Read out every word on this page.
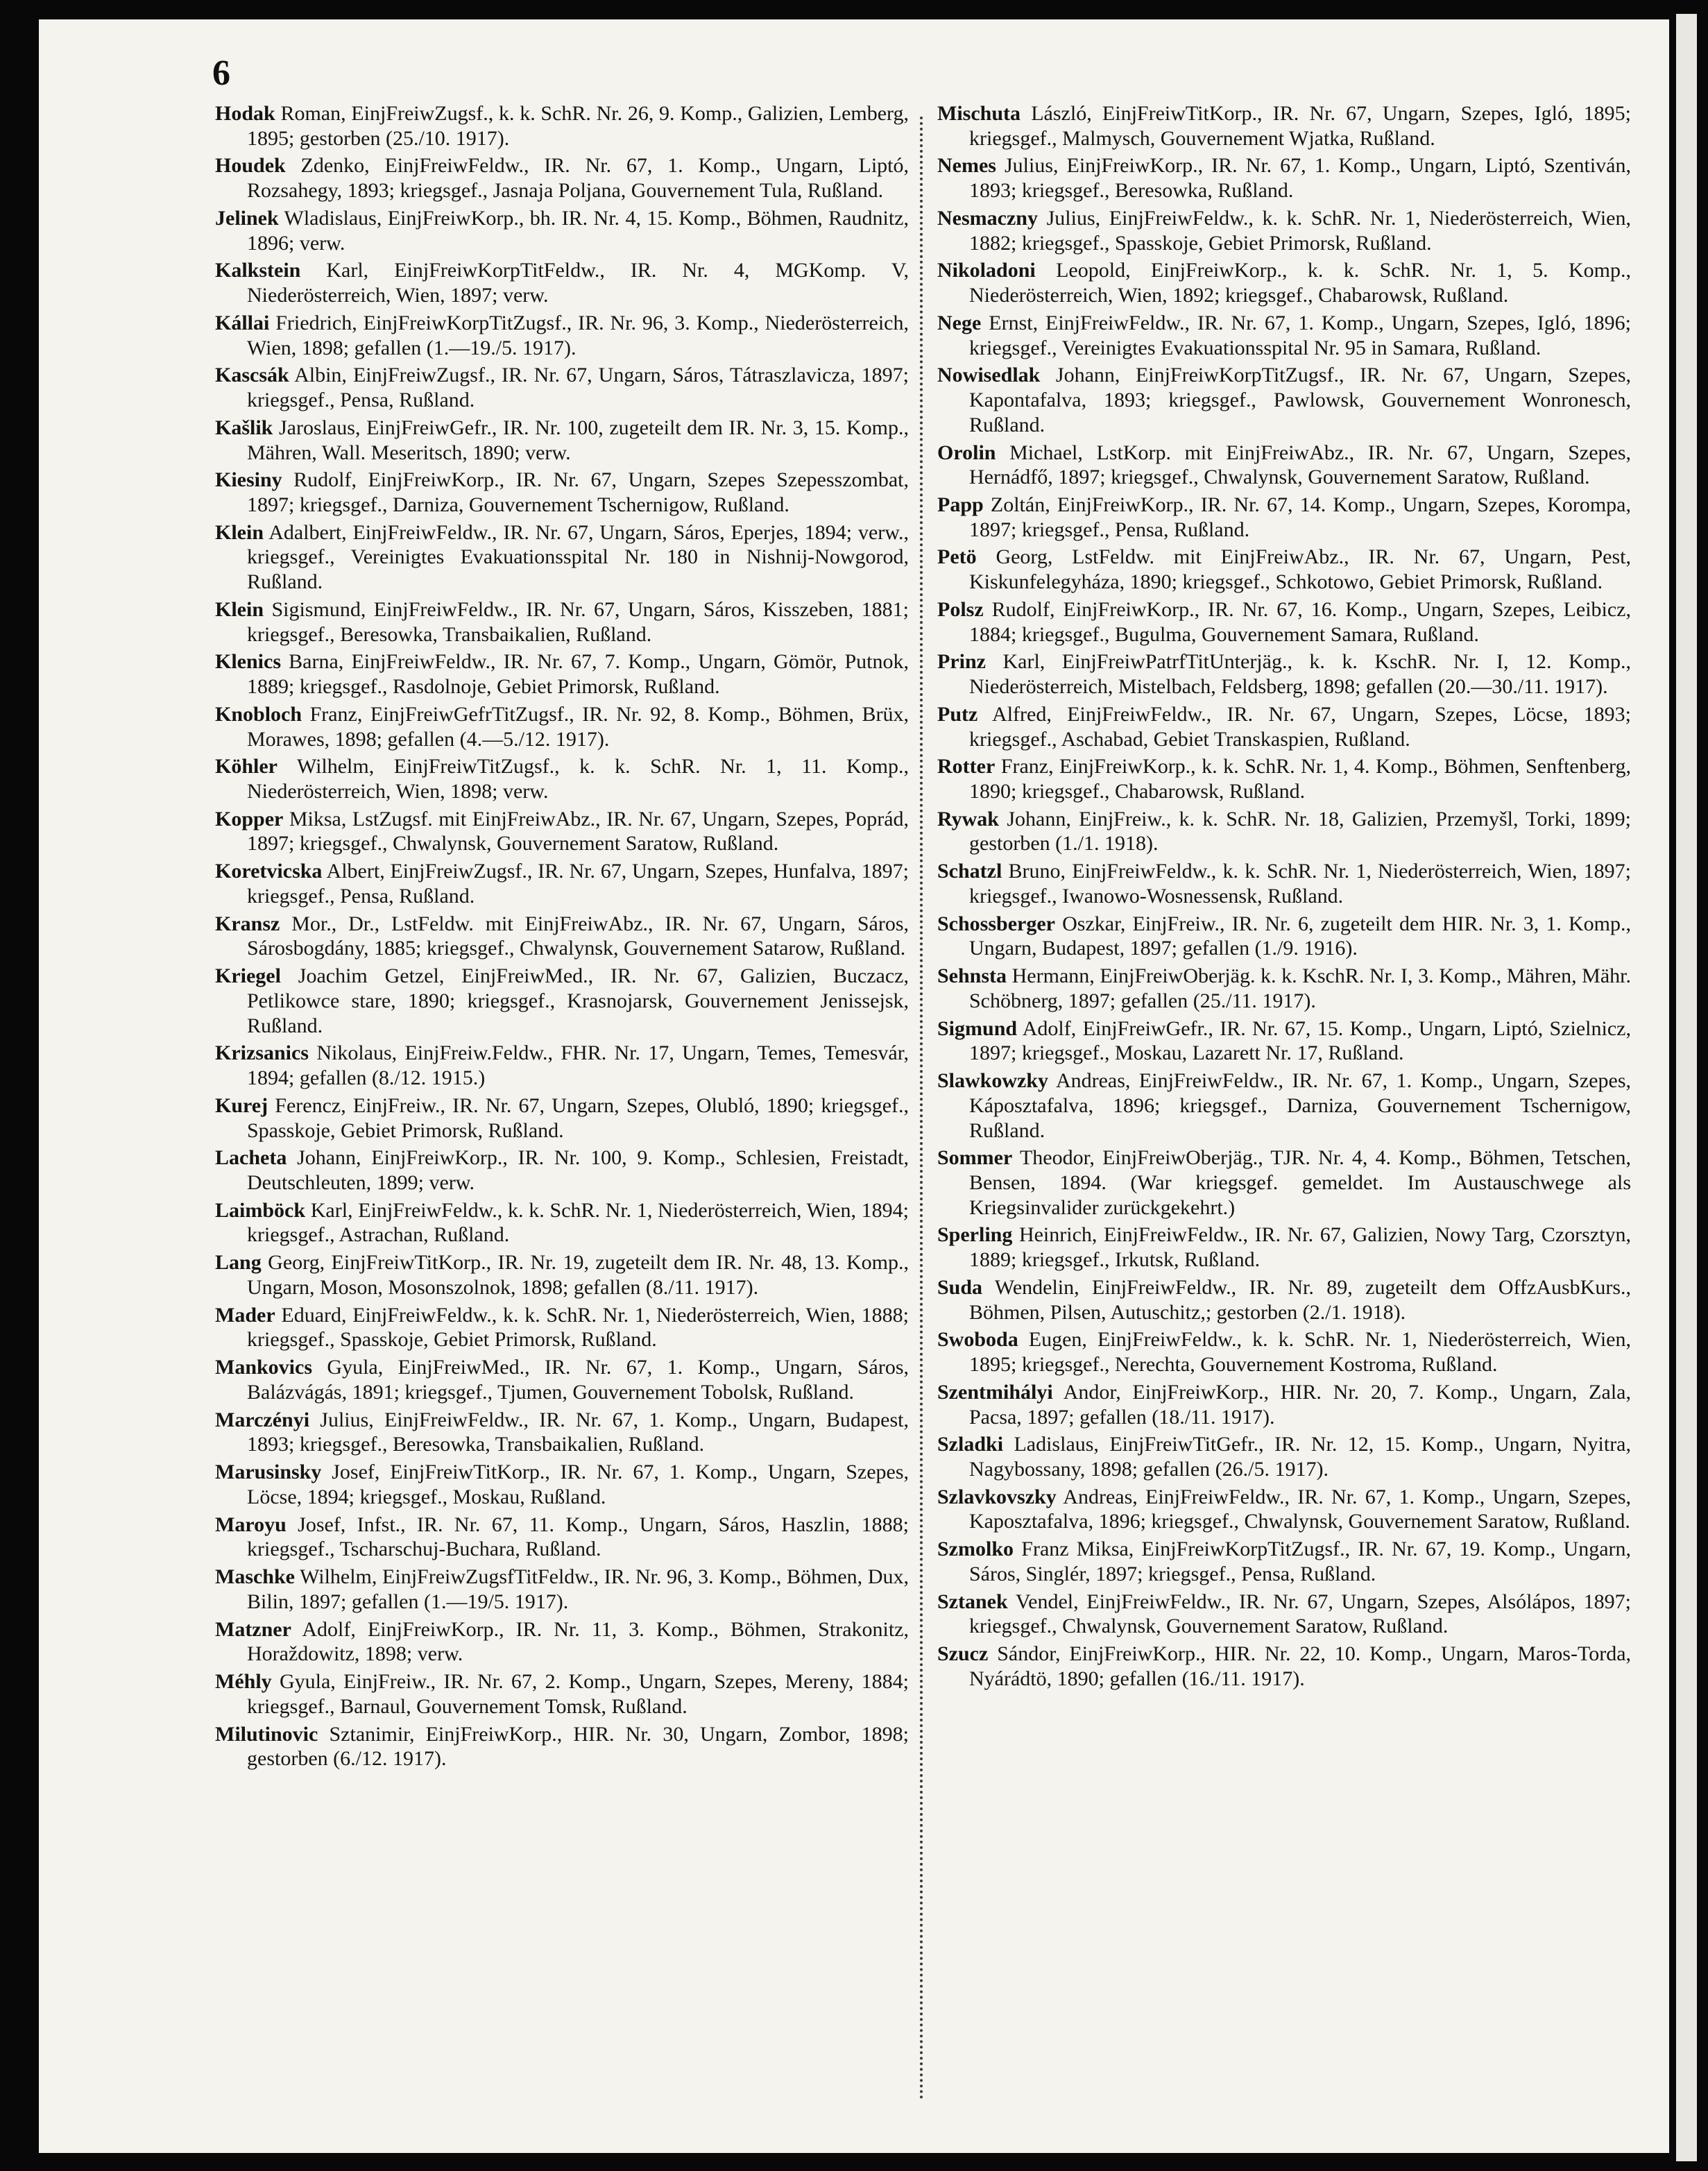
6

Hodak Roman, EinjFreiwZugsf., k. k. SchR. Nr. 26, 9. Komp., Galizien, Lemberg, 1895; gestorben (25./10. 1917).

Houdek Zdenko, EinjFreiwFeldw., IR. Nr. 67, 1. Komp., Ungarn, Liptó, Rozsahegy, 1893; kriegsgef., Jasnaja Poljana, Gouvernement Tula, Rußland.

Jelinek Wladislaus, EinjFreiwKorp., bh. IR. Nr. 4, 15. Komp., Böhmen, Raudnitz, 1896; verw.

Kalkstein Karl, EinjFreiwKorpTitFeldw., IR. Nr. 4, MGKomp. V, Niederösterreich, Wien, 1897; verw.

Kállai Friedrich, EinjFreiwKorpTitZugsf., IR. Nr. 96, 3. Komp., Niederösterreich, Wien, 1898; gefallen (1.—19./5. 1917).

Kascsák Albin, EinjFreiwZugsf., IR. Nr. 67, Ungarn, Sáros, Tátraszlavicza, 1897; kriegsgef., Pensa, Rußland.

Kašlik Jaroslaus, EinjFreiwGefr., IR. Nr. 100, zugeteilt dem IR. Nr. 3, 15. Komp., Mähren, Wall. Meseritsch, 1890; verw.

Kiesiny Rudolf, EinjFreiwKorp., IR. Nr. 67, Ungarn, Szepes Szepesszombat, 1897; kriegsgef., Darniza, Gouvernement Tschernigow, Rußland.

Klein Adalbert, EinjFreiwFeldw., IR. Nr. 67, Ungarn, Sáros, Eperjes, 1894; verw., kriegsgef., Vereinigtes Evakuationsspital Nr. 180 in Nishnij-Nowgorod, Rußland.

Klein Sigismund, EinjFreiwFeldw., IR. Nr. 67, Ungarn, Sáros, Kisszeben, 1881; kriegsgef., Beresowka, Transbaikalien, Rußland.

Klenics Barna, EinjFreiwFeldw., IR. Nr. 67, 7. Komp., Ungarn, Gömör, Putnok, 1889; kriegsgef., Rasdolnoje, Gebiet Primorsk, Rußland.

Knobloch Franz, EinjFreiwGefrTitZugsf., IR. Nr. 92, 8. Komp., Böhmen, Brüx, Morawes, 1898; gefallen (4.—5./12. 1917).

Köhler Wilhelm, EinjFreiwTitZugsf., k. k. SchR. Nr. 1, 11. Komp., Niederösterreich, Wien, 1898; verw.

Kopper Miksa, LstZugsf. mit EinjFreiwAbz., IR. Nr. 67, Ungarn, Szepes, Poprád, 1897; kriegsgef., Chwalynsk, Gouvernement Saratow, Rußland.

Koretvicska Albert, EinjFreiwZugsf., IR. Nr. 67, Ungarn, Szepes, Hunfalva, 1897; kriegsgef., Pensa, Rußland.

Kransz Mor., Dr., LstFeldw. mit EinjFreiwAbz., IR. Nr. 67, Ungarn, Sáros, Sárosbogdány, 1885; kriegsgef., Chwalynsk, Gouvernement Satarow, Rußland.

Kriegel Joachim Getzel, EinjFreiwMed., IR. Nr. 67, Galizien, Buczacz, Petlikowce stare, 1890; kriegsgef., Krasnojarsk, Gouvernement Jenissejsk, Rußland.

Krizsanics Nikolaus, EinjFreiw.Feldw., FHR. Nr. 17, Ungarn, Temes, Temesvár, 1894; gefallen (8./12. 1915.)

Kurej Ferencz, EinjFreiw., IR. Nr. 67, Ungarn, Szepes, Olubló, 1890; kriegsgef., Spasskoje, Gebiet Primorsk, Rußland.

Lacheta Johann, EinjFreiwKorp., IR. Nr. 100, 9. Komp., Schlesien, Freistadt, Deutschleuten, 1899; verw.

Laimböck Karl, EinjFreiwFeldw., k. k. SchR. Nr. 1, Niederösterreich, Wien, 1894; kriegsgef., Astrachan, Rußland.

Lang Georg, EinjFreiwTitKorp., IR. Nr. 19, zugeteilt dem IR. Nr. 48, 13. Komp., Ungarn, Moson, Mosonszolnok, 1898; gefallen (8./11. 1917).

Mader Eduard, EinjFreiwFeldw., k. k. SchR. Nr. 1, Niederösterreich, Wien, 1888; kriegsgef., Spasskoje, Gebiet Primorsk, Rußland.

Mankovics Gyula, EinjFreiwMed., IR. Nr. 67, 1. Komp., Ungarn, Sáros, Balázvágás, 1891; kriegsgef., Tjumen, Gouvernement Tobolsk, Rußland.

Marczényi Julius, EinjFreiwFeldw., IR. Nr. 67, 1. Komp., Ungarn, Budapest, 1893; kriegsgef., Beresowka, Transbaikalien, Rußland.

Marusinsky Josef, EinjFreiwTitKorp., IR. Nr. 67, 1. Komp., Ungarn, Szepes, Löcse, 1894; kriegsgef., Moskau, Rußland.

Maroyu Josef, Infst., IR. Nr. 67, 11. Komp., Ungarn, Sáros, Haszlin, 1888; kriegsgef., Tscharschuj-Buchara, Rußland.

Maschke Wilhelm, EinjFreiwZugsfTitFeldw., IR. Nr. 96, 3. Komp., Böhmen, Dux, Bilin, 1897; gefallen (1.—19/5. 1917).

Matzner Adolf, EinjFreiwKorp., IR. Nr. 11, 3. Komp., Böhmen, Strakonitz, Horaždowitz, 1898; verw.

Méhly Gyula, EinjFreiw., IR. Nr. 67, 2. Komp., Ungarn, Szepes, Mereny, 1884; kriegsgef., Barnaul, Gouvernement Tomsk, Rußland.

Milutinovic Sztanimir, EinjFreiwKorp., HIR. Nr. 30, Ungarn, Zombor, 1898; gestorben (6./12. 1917).

Mischuta László, EinjFreiwTitKorp., IR. Nr. 67, Ungarn, Szepes, Igló, 1895; kriegsgef., Malmysch, Gouvernement Wjatka, Rußland.

Nemes Julius, EinjFreiwKorp., IR. Nr. 67, 1. Komp., Ungarn, Liptó, Szentiván, 1893; kriegsgef., Beresowka, Rußland.

Nesmaczny Julius, EinjFreiwFeldw., k. k. SchR. Nr. 1, Niederösterreich, Wien, 1882; kriegsgef., Spasskoje, Gebiet Primorsk, Rußland.

Nikoladoni Leopold, EinjFreiwKorp., k. k. SchR. Nr. 1, 5. Komp., Niederösterreich, Wien, 1892; kriegsgef., Chabarowsk, Rußland.

Nege Ernst, EinjFreiwFeldw., IR. Nr. 67, 1. Komp., Ungarn, Szepes, Igló, 1896; kriegsgef., Vereinigtes Evakuationsspital Nr. 95 in Samara, Rußland.

Nowisedlak Johann, EinjFreiwKorpTitZugsf., IR. Nr. 67, Ungarn, Szepes, Kapontafalva, 1893; kriegsgef., Pawlowsk, Gouvernement Wonronesch, Rußland.

Orolin Michael, LstKorp. mit EinjFreiwAbz., IR. Nr. 67, Ungarn, Szepes, Hernádfő, 1897; kriegsgef., Chwalynsk, Gouvernement Saratow, Rußland.

Papp Zoltán, EinjFreiwKorp., IR. Nr. 67, 14. Komp., Ungarn, Szepes, Korompa, 1897; kriegsgef., Pensa, Rußland.

Petö Georg, LstFeldw. mit EinjFreiwAbz., IR. Nr. 67, Ungarn, Pest, Kiskunfelegyháza, 1890; kriegsgef., Schkotowo, Gebiet Primorsk, Rußland.

Polsz Rudolf, EinjFreiwKorp., IR. Nr. 67, 16. Komp., Ungarn, Szepes, Leibicz, 1884; kriegsgef., Bugulma, Gouvernement Samara, Rußland.

Prinz Karl, EinjFreiwPatrfTitUnterjäg., k. k. KschR. Nr. I, 12. Komp., Niederösterreich, Mistelbach, Feldsberg, 1898; gefallen (20.—30./11. 1917).

Putz Alfred, EinjFreiwFeldw., IR. Nr. 67, Ungarn, Szepes, Löcse, 1893; kriegsgef., Aschabad, Gebiet Transkaspien, Rußland.

Rotter Franz, EinjFreiwKorp., k. k. SchR. Nr. 1, 4. Komp., Böhmen, Senftenberg, 1890; kriegsgef., Chabarowsk, Rußland.

Rywak Johann, EinjFreiw., k. k. SchR. Nr. 18, Galizien, Przemyšl, Torki, 1899; gestorben (1./1. 1918).

Schatzl Bruno, EinjFreiwFeldw., k. k. SchR. Nr. 1, Niederösterreich, Wien, 1897; kriegsgef., Iwanowo-Wosnessensk, Rußland.

Schossberger Oszkar, EinjFreiw., IR. Nr. 6, zugeteilt dem HIR. Nr. 3, 1. Komp., Ungarn, Budapest, 1897; gefallen (1./9. 1916).

Sehnsta Hermann, EinjFreiwOberjäg. k. k. KschR. Nr. I, 3. Komp., Mähren, Mähr. Schöbnerg, 1897; gefallen (25./11. 1917).

Sigmund Adolf, EinjFreiwGefr., IR. Nr. 67, 15. Komp., Ungarn, Liptó, Szielnicz, 1897; kriegsgef., Moskau, Lazarett Nr. 17, Rußland.

Slawkowzky Andreas, EinjFreiwFeldw., IR. Nr. 67, 1. Komp., Ungarn, Szepes, Káposztafalva, 1896; kriegsgef., Darniza, Gouvernement Tschernigow, Rußland.

Sommer Theodor, EinjFreiwOberjäg., TJR. Nr. 4, 4. Komp., Böhmen, Tetschen, Bensen, 1894. (War kriegsgef. gemeldet. Im Austauschwege als Kriegsinvalider zurückgekehrt.)

Sperling Heinrich, EinjFreiwFeldw., IR. Nr. 67, Galizien, Nowy Targ, Czorsztyn, 1889; kriegsgef., Irkutsk, Rußland.

Suda Wendelin, EinjFreiwFeldw., IR. Nr. 89, zugeteilt dem OffzAusbKurs., Böhmen, Pilsen, Autuschitz,; gestorben (2./1. 1918).

Swoboda Eugen, EinjFreiwFeldw., k. k. SchR. Nr. 1, Niederösterreich, Wien, 1895; kriegsgef., Nerechta, Gouvernement Kostroma, Rußland.

Szentmihályi Andor, EinjFreiwKorp., HIR. Nr. 20, 7. Komp., Ungarn, Zala, Pacsa, 1897; gefallen (18./11. 1917).

Szladki Ladislaus, EinjFreiwTitGefr., IR. Nr. 12, 15. Komp., Ungarn, Nyitra, Nagybossany, 1898; gefallen (26./5. 1917).

Szlavkovszky Andreas, EinjFreiwFeldw., IR. Nr. 67, 1. Komp., Ungarn, Szepes, Kaposztafalva, 1896; kriegsgef., Chwalynsk, Gouvernement Saratow, Rußland.

Szmolko Franz Miksa, EinjFreiwKorpTitZugsf., IR. Nr. 67, 19. Komp., Ungarn, Sáros, Singlér, 1897; kriegsgef., Pensa, Rußland.

Sztanek Vendel, EinjFreiwFeldw., IR. Nr. 67, Ungarn, Szepes, Alsólápos, 1897; kriegsgef., Chwalynsk, Gouvernement Saratow, Rußland.

Szucz Sándor, EinjFreiwKorp., HIR. Nr. 22, 10. Komp., Ungarn, Maros-Torda, Nyárádtö, 1890; gefallen (16./11. 1917).
